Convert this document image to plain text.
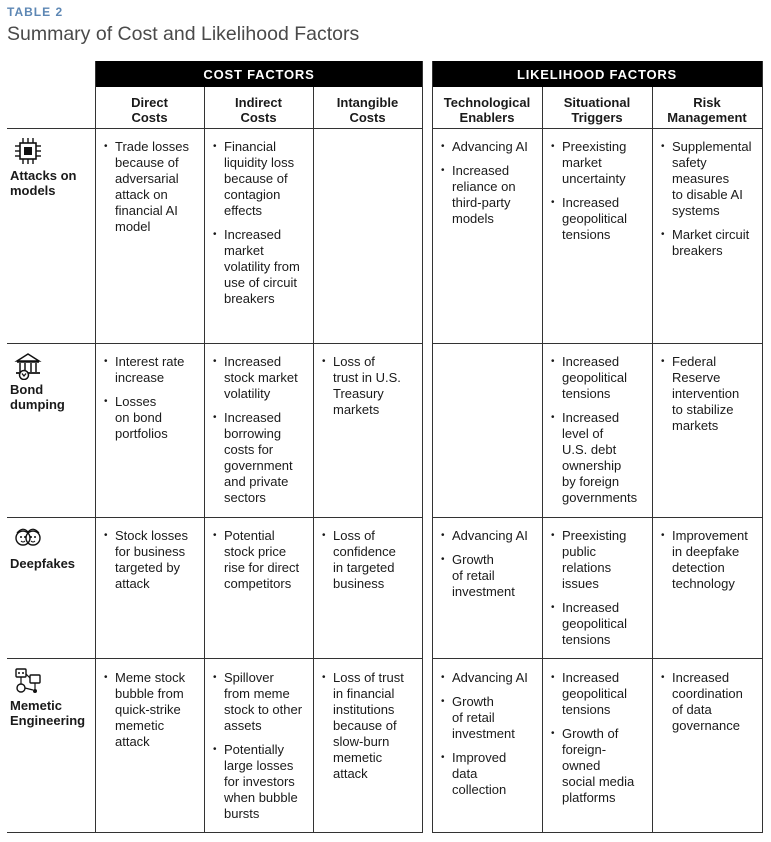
TABLE 2
Summary of Cost and Likelihood Factors
COST FACTORS	LIKELIHOOD FACTORS
Direct
Costs
Indirect
Costs
Intangible
Costs
Technological
Enablers
Situational
Triggers
Risk
Management
Attacks on
models
Bond
dumping
Deepfakes
Memetic
Engineering
• Trade losses
because of
adversarial
attack on
financial AI
model
• Financial
liquidity loss
because of
contagion
effects
• Increased
market
volatility from
use of circuit
breakers
• Advancing AI
• Increased
reliance on
third-party
models
• Preexisting
market
uncertainty
• Increased
geopolitical
tensions
• Supplemental
safety
measures
to disable AI
systems
• Market circuit
breakers
• Interest rate
increase
• Losses
on bond
portfolios
• Increased
stock market
volatility
• Increased
borrowing
costs for
government
and private
sectors
• Loss of
trust in U.S.
Treasury
markets
• Increased
geopolitical
tensions
• Increased
level of
U.S. debt
ownership
by foreign
governments
• Federal
Reserve
intervention
to stabilize
markets
• Stock losses
for business
targeted by
attack
• Potential
stock price
rise for direct
competitors
• Loss of
confidence
in targeted
business
• Advancing AI
• Growth
of retail
investment
• Preexisting
public
relations
issues
• Increased
geopolitical
tensions
• Improvement
in deepfake
detection
technology
• Meme stock
bubble from
quick-strike
memetic
attack
• Spillover
from meme
stock to other
assets
• Potentially
large losses
for investors
when bubble
bursts
• Loss of trust
in financial
institutions
because of
slow-burn
memetic
attack
• Advancing AI
• Growth
of retail
investment
• Improved
data
collection
• Increased
geopolitical
tensions
• Growth of
foreign-
owned
social media
platforms
• Increased
coordination
of data
governance
